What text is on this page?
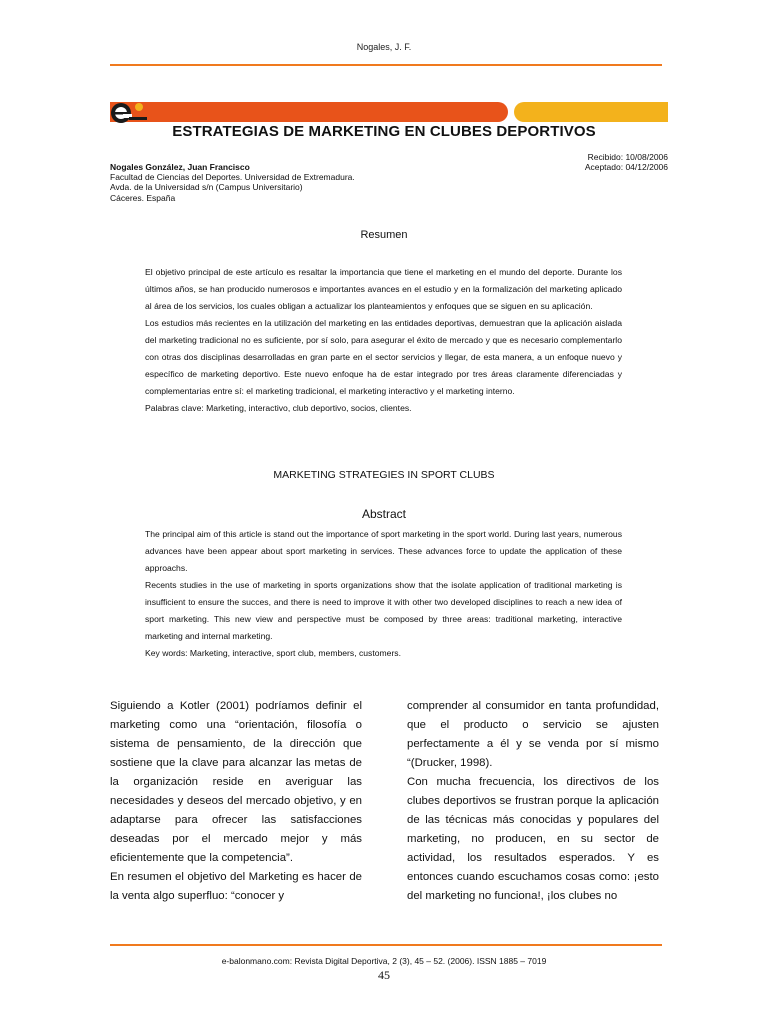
Nogales, J. F.
ESTRATEGIAS DE MARKETING EN CLUBES DEPORTIVOS
Nogales González, Juan Francisco
Facultad de Ciencias del Deportes. Universidad de Extremadura.
Avda. de la Universidad s/n (Campus Universitario)
Cáceres. España
Recibido: 10/08/2006
Aceptado: 04/12/2006
Resumen

El objetivo principal de este artículo es resaltar la importancia que tiene el marketing en el mundo del deporte. Durante los últimos años, se han producido numerosos e importantes avances en el estudio y en la formalización del marketing aplicado al área de los servicios, los cuales obligan a actualizar los planteamientos y enfoques que se siguen en su aplicación.

Los estudios más recientes en la utilización del marketing en las entidades deportivas, demuestran que la aplicación aislada del marketing tradicional no es suficiente, por sí solo, para asegurar el éxito de mercado y que es necesario complementarlo con otras dos disciplinas desarrolladas en gran parte en el sector servicios y llegar, de esta manera, a un enfoque nuevo y específico de marketing deportivo. Este nuevo enfoque ha de estar integrado por tres áreas claramente diferenciadas y complementarias entre sí: el marketing tradicional, el marketing interactivo y el marketing interno.

Palabras clave: Marketing, interactivo, club deportivo, socios, clientes.

MARKETING STRATEGIES IN SPORT CLUBS
Abstract

The principal aim of this article is stand out the importance of sport marketing in the sport world. During last years, numerous advances have been appear about sport marketing in services. These advances force to update the application of these approachs.

Recents studies in the use of marketing in sports organizations show that the isolate application of traditional marketing is insufficient to ensure the succes, and there is need to improve it with other two developed disciplines to reach a new idea of sport marketing. This new view and perspective must be composed by three areas: traditional marketing, interactive marketing and internal marketing.

Key words: Marketing, interactive, sport club, members, customers.

Siguiendo a Kotler (2001) podríamos definir el marketing como una “orientación, filosofía o sistema de pensamiento, de la dirección que sostiene que la clave para alcanzar las metas de la organización reside en averiguar las necesidades y deseos del mercado objetivo, y en adaptarse para ofrecer las satisfacciones deseadas por el mercado mejor y más eficientemente que la competencia”.

En resumen el objetivo del Marketing es hacer de la venta algo superfluo: “conocer y

comprender al consumidor en tanta profundidad, que el producto o servicio se ajusten perfectamente a él y se venda por sí mismo “(Drucker, 1998).

Con mucha frecuencia, los directivos de los clubes deportivos se frustran porque la aplicación de las técnicas más conocidas y populares del marketing, no producen, en su sector de actividad, los resultados esperados. Y es entonces cuando escuchamos cosas como: ¡esto del marketing no funciona!, ¡los clubes no

e-balonmano.com: Revista Digital Deportiva, 2 (3), 45 – 52. (2006). ISSN 1885 – 7019
45
